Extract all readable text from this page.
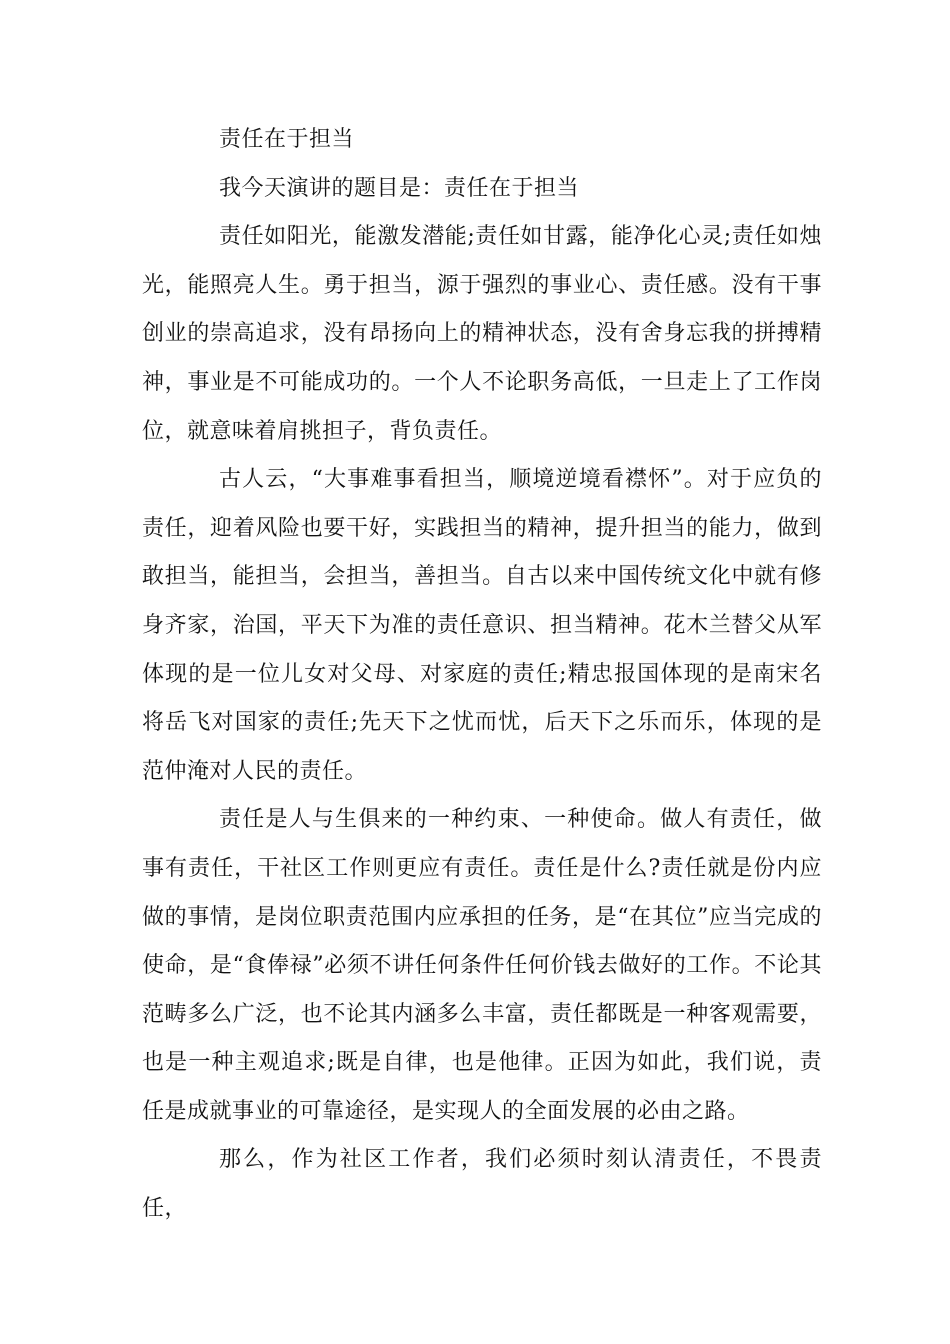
责任在于担当

我今天演讲的题目是：责任在于担当

责任如阳光，能激发潜能;责任如甘露，能净化心灵;责任如烛光，能照亮人生。勇于担当，源于强烈的事业心、责任感。没有干事创业的崇高追求，没有昂扬向上的精神状态，没有舍身忘我的拼搏精神，事业是不可能成功的。一个人不论职务高低，一旦走上了工作岗位，就意味着肩挑担子，背负责任。

古人云，“大事难事看担当，顺境逆境看襟怀”。对于应负的责任，迎着风险也要干好，实践担当的精神，提升担当的能力，做到敢担当，能担当，会担当，善担当。自古以来中国传统文化中就有修身齐家，治国，平天下为准的责任意识、担当精神。花木兰替父从军体现的是一位儿女对父母、对家庭的责任;精忠报国体现的是南宋名将岳飞对国家的责任;先天下之忧而忧，后天下之乐而乐，体现的是范仲淹对人民的责任。

责任是人与生俱来的一种约束、一种使命。做人有责任，做事有责任，干社区工作则更应有责任。责任是什么?责任就是份内应做的事情，是岗位职责范围内应承担的任务，是“在其位”应当完成的使命，是“食俸禄”必须不讲任何条件任何价钱去做好的工作。不论其范畴多么广泛，也不论其内涵多么丰富，责任都既是一种客观需要，也是一种主观追求;既是自律，也是他律。正因为如此，我们说，责任是成就事业的可靠途径，是实现人的全面发展的必由之路。

那么，作为社区工作者，我们必须时刻认清责任，不畏责任，
